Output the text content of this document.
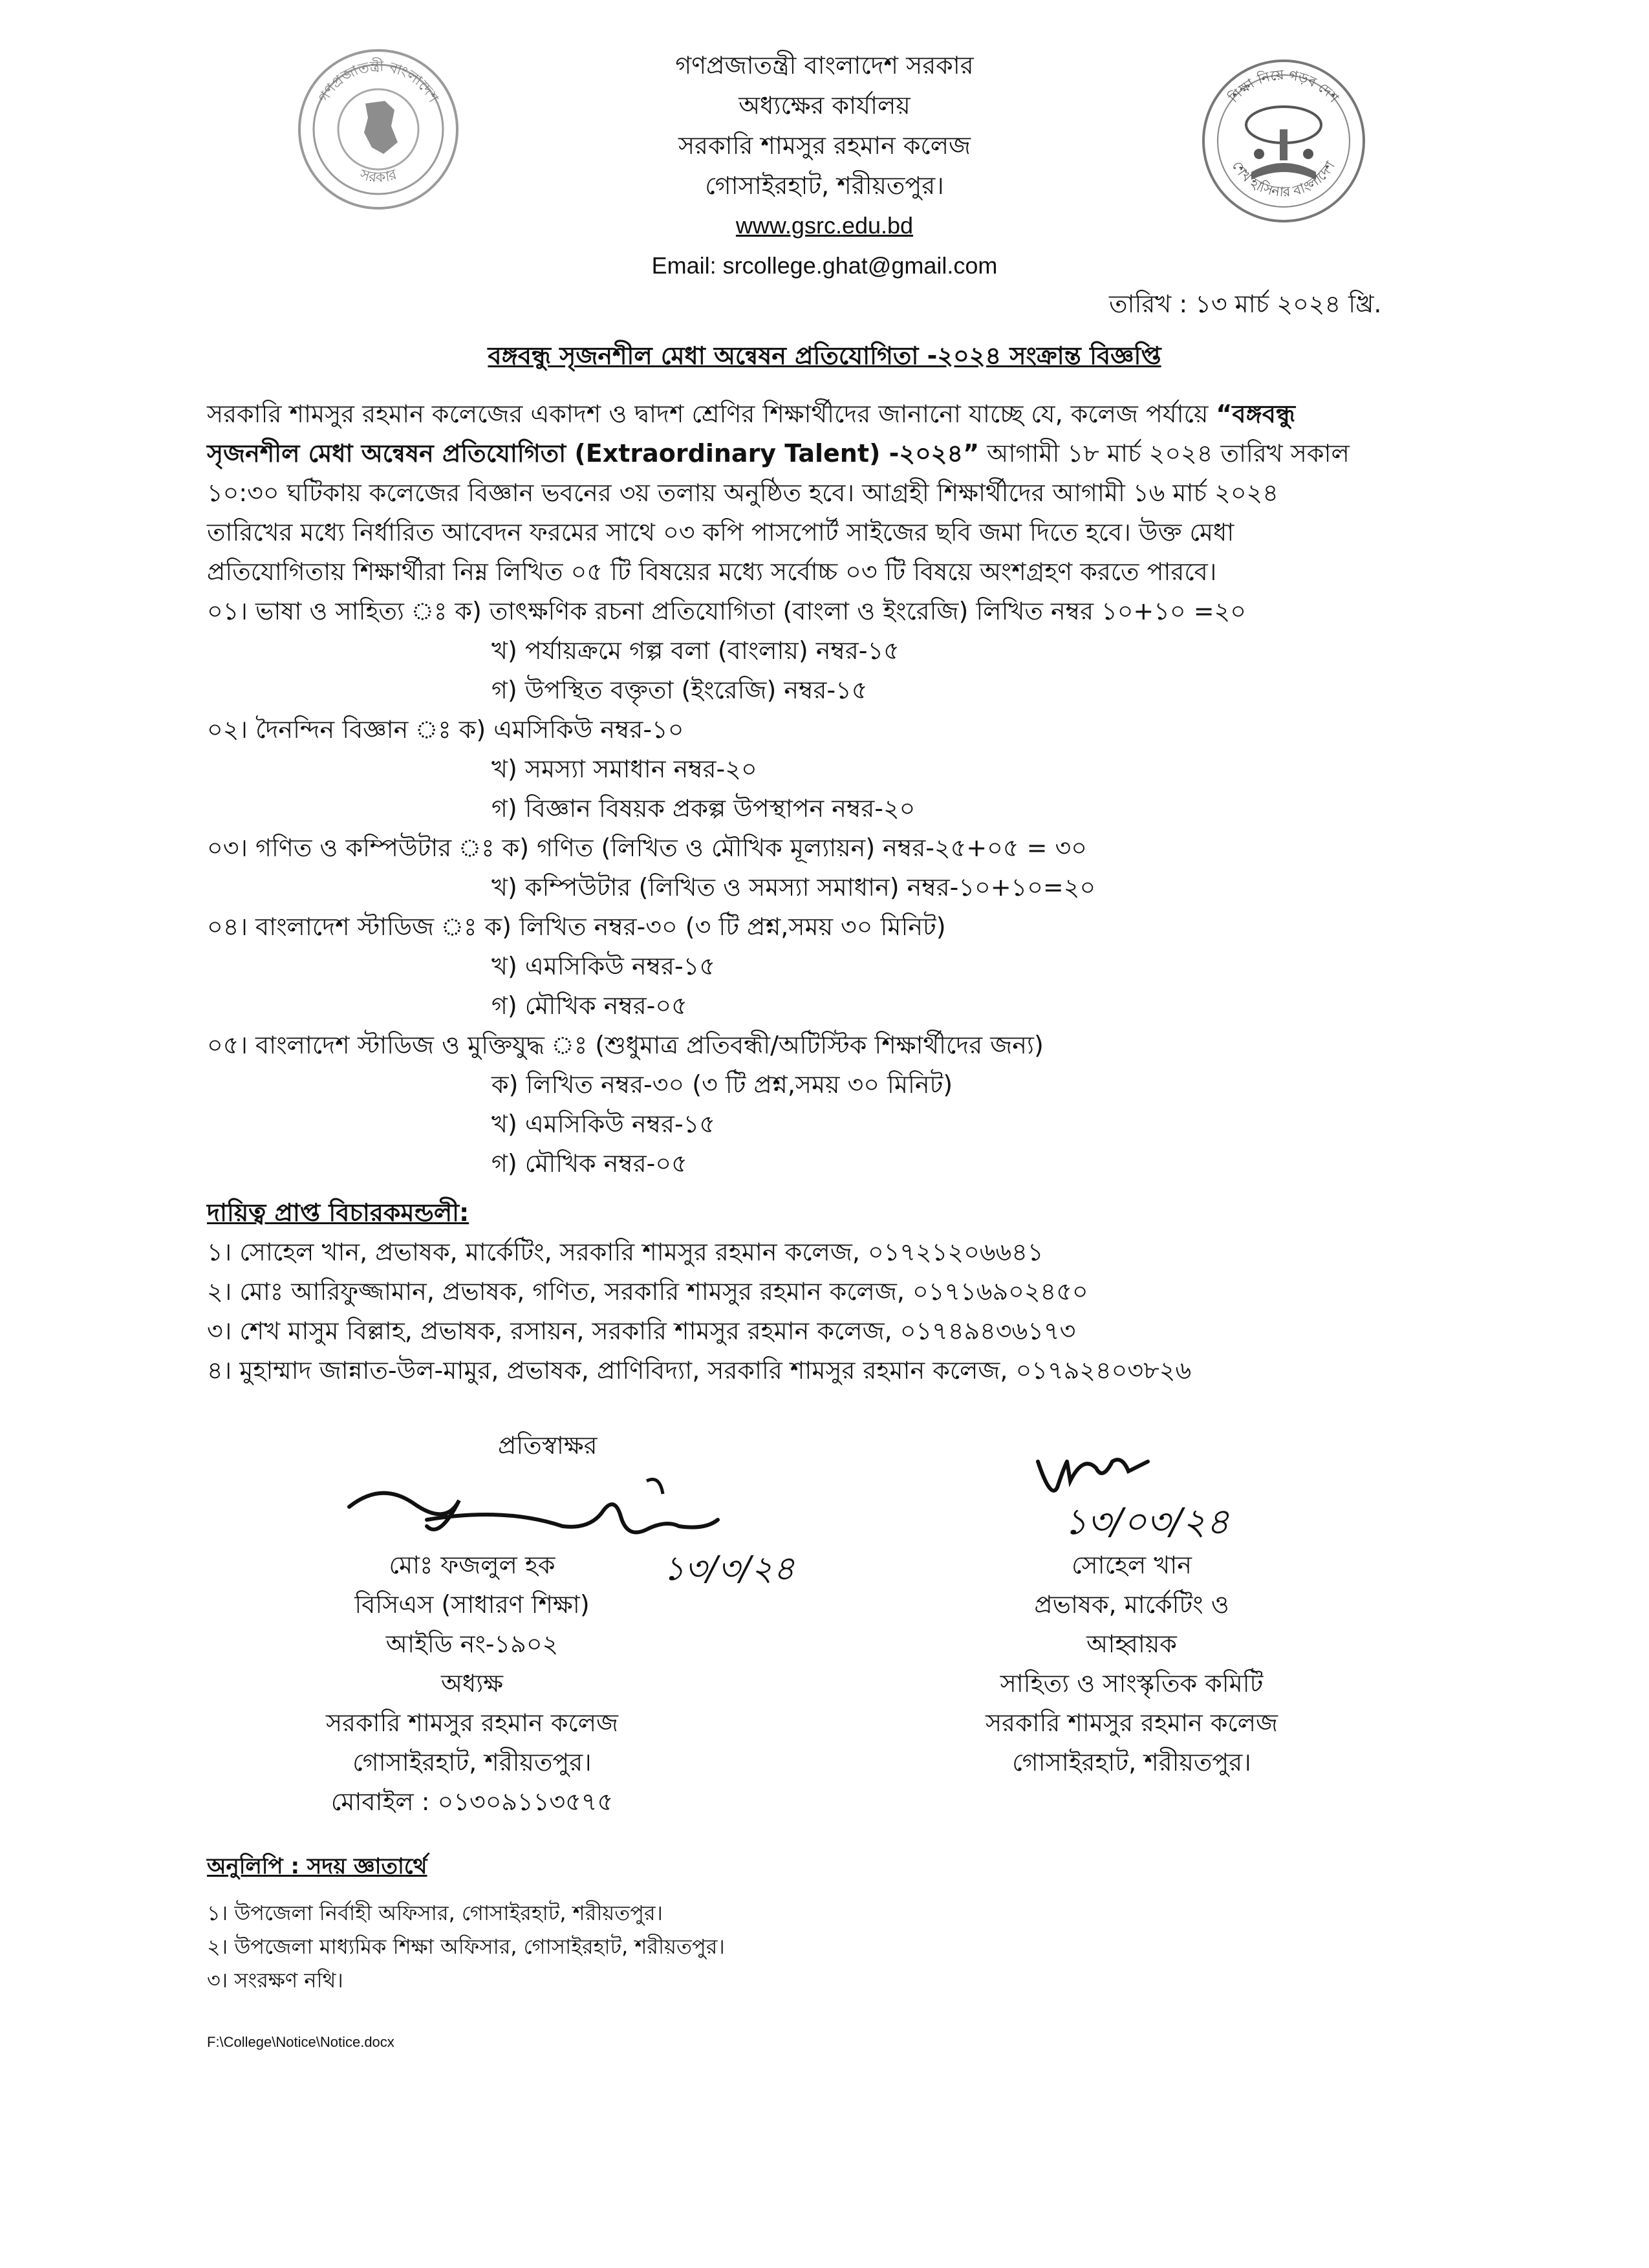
গণপ্রজাতন্ত্রী বাংলাদেশ
সরকার
শিক্ষা নিয়ে গড়ব দেশ
শেখ হাসিনার বাংলাদেশ
গণপ্রজাতন্ত্রী বাংলাদেশ সরকার
অধ্যক্ষের কার্যালয়
সরকারি শামসুর রহমান কলেজ
গোসাইরহাট, শরীয়তপুর।
www.gsrc.edu.bd
Email: srcollege.ghat@gmail.com
তারিখ : ১৩ মার্চ ২০২৪ খ্রি.
বঙ্গবন্ধু সৃজনশীল মেধা অন্বেষন প্রতিযোগিতা -২০২৪ সংক্রান্ত বিজ্ঞপ্তি
সরকারি শামসুর রহমান কলেজের একাদশ ও দ্বাদশ শ্রেণির শিক্ষার্থীদের জানানো যাচ্ছে যে, কলেজ পর্যায়ে “বঙ্গবন্ধু
সৃজনশীল মেধা অন্বেষন প্রতিযোগিতা (Extraordinary Talent) -২০২৪” আগামী ১৮ মার্চ ২০২৪ তারিখ সকাল
১০:৩০ ঘটিকায় কলেজের বিজ্ঞান ভবনের ৩য় তলায় অনুষ্ঠিত হবে। আগ্রহী শিক্ষার্থীদের আগামী ১৬ মার্চ ২০২৪
তারিখের মধ্যে নির্ধারিত আবেদন ফরমের সাথে ০৩ কপি পাসপোর্ট সাইজের ছবি জমা দিতে হবে। উক্ত মেধা
প্রতিযোগিতায় শিক্ষার্থীরা নিম্ন লিখিত ০৫ টি বিষয়ের মধ্যে সর্বোচ্চ ০৩ টি বিষয়ে অংশগ্রহণ করতে পারবে।
০১। ভাষা ও সাহিত্য ঃ ক) তাৎক্ষণিক রচনা প্রতিযোগিতা (বাংলা ও ইংরেজি) লিখিত নম্বর ১০+১০ =২০
খ) পর্যায়ক্রমে গল্প বলা (বাংলায়) নম্বর-১৫
গ) উপস্থিত বক্তৃতা (ইংরেজি) নম্বর-১৫
০২। দৈনন্দিন বিজ্ঞান ঃ ক) এমসিকিউ নম্বর-১০
খ) সমস্যা সমাধান নম্বর-২০
গ) বিজ্ঞান বিষয়ক প্রকল্প উপস্থাপন নম্বর-২০
০৩। গণিত ও কম্পিউটার ঃ ক) গণিত (লিখিত ও মৌখিক মূল্যায়ন) নম্বর-২৫+০৫ = ৩০
খ) কম্পিউটার (লিখিত ও সমস্যা সমাধান) নম্বর-১০+১০=২০
০৪। বাংলাদেশ স্টাডিজ ঃ ক) লিখিত নম্বর-৩০ (৩ টি প্রশ্ন,সময় ৩০ মিনিট)
খ) এমসিকিউ নম্বর-১৫
গ) মৌখিক নম্বর-০৫
০৫। বাংলাদেশ স্টাডিজ ও মুক্তিযুদ্ধ ঃ (শুধুমাত্র প্রতিবন্ধী/অটিস্টিক শিক্ষার্থীদের জন্য)
ক) লিখিত নম্বর-৩০ (৩ টি প্রশ্ন,সময় ৩০ মিনিট)
খ) এমসিকিউ নম্বর-১৫
গ) মৌখিক নম্বর-০৫
দায়িত্ব প্রাপ্ত বিচারকমন্ডলী:
১। সোহেল খান, প্রভাষক, মার্কেটিং, সরকারি শামসুর রহমান কলেজ, ০১৭২১২০৬৬৪১
২। মোঃ আরিফুজ্জামান, প্রভাষক, গণিত, সরকারি শামসুর রহমান কলেজ, ০১৭১৬৯০২৪৫০
৩। শেখ মাসুম বিল্লাহ, প্রভাষক, রসায়ন, সরকারি শামসুর রহমান কলেজ, ০১৭৪৯৪৩৬১৭৩
৪। মুহাম্মাদ জান্নাত-উল-মামুর, প্রভাষক, প্রাণিবিদ্যা, সরকারি শামসুর রহমান কলেজ, ০১৭৯২৪০৩৮২৬
প্রতিস্বাক্ষর
১৩/৩/২৪
মোঃ ফজলুল হক
বিসিএস (সাধারণ শিক্ষা)
আইডি নং-১৯০২
অধ্যক্ষ
সরকারি শামসুর রহমান কলেজ
গোসাইরহাট, শরীয়তপুর।
মোবাইল : ০১৩০৯১১৩৫৭৫
১৩/০৩/২৪
সোহেল খান
প্রভাষক, মার্কেটিং ও
আহ্বায়ক
সাহিত্য ও সাংস্কৃতিক কমিটি
সরকারি শামসুর রহমান কলেজ
গোসাইরহাট, শরীয়তপুর।
অনুলিপি : সদয় জ্ঞাতার্থে
১। উপজেলা নির্বাহী অফিসার, গোসাইরহাট, শরীয়তপুর।
২। উপজেলা মাধ্যমিক শিক্ষা অফিসার, গোসাইরহাট, শরীয়তপুর।
৩। সংরক্ষণ নথি।
F:\College\Notice\Notice.docx
